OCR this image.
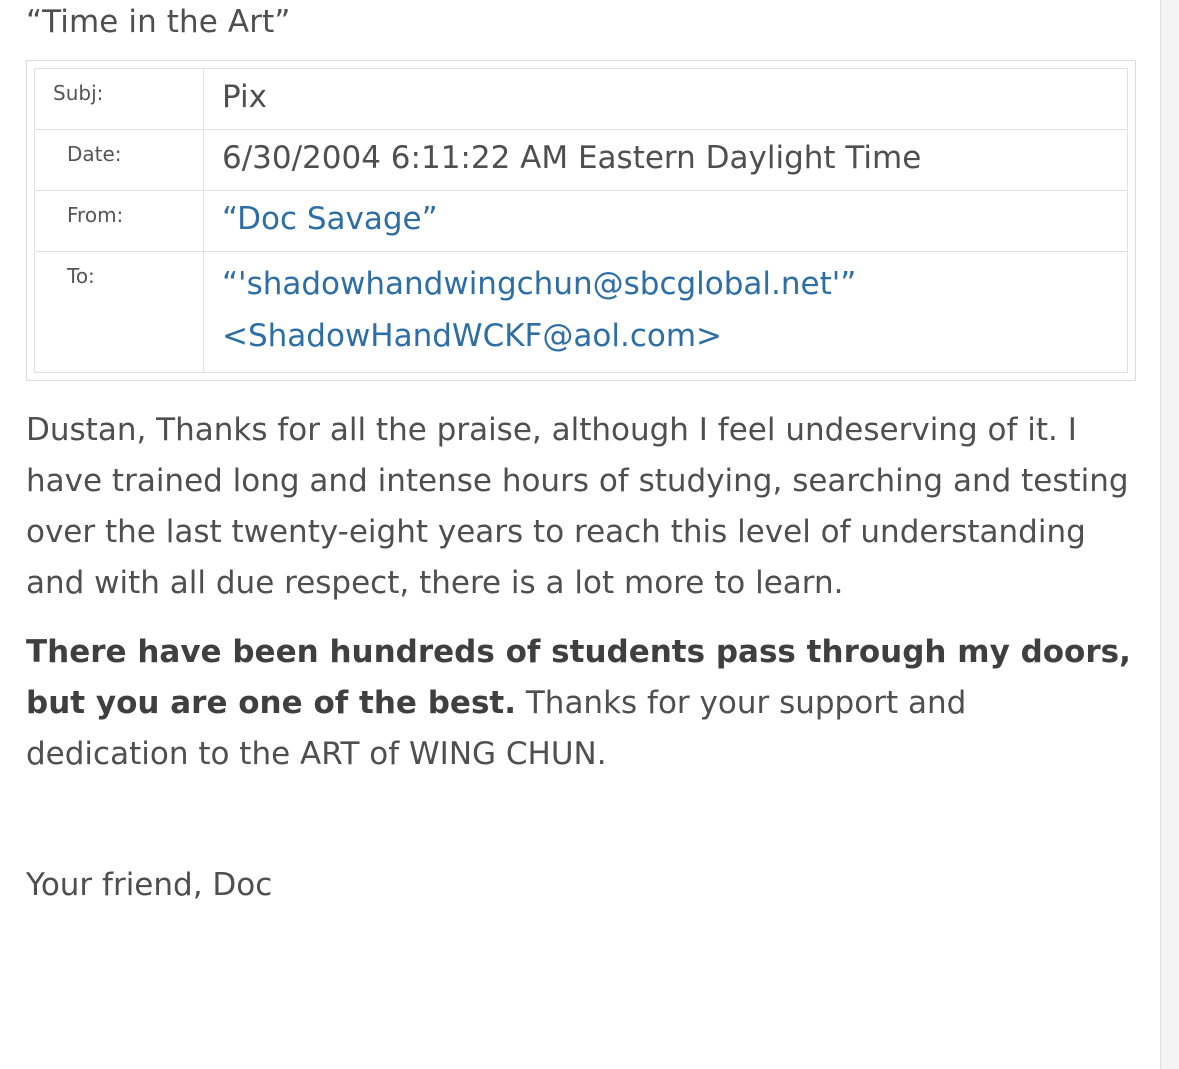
“Time in the Art”
Subj:	Pix

Date:	6/30/2004 6:11:22 AM Eastern Daylight Time

From:	“Doc Savage”

To:	“'shadowhandwingchun@sbcglobal.net'”
<ShadowHandWCKF@aol.com>

Dustan, Thanks for all the praise, although I feel undeserving of it. I have trained long and intense hours of studying, searching and testing over the last twenty-eight years to reach this level of understanding and with all due respect, there is a lot more to learn.

There have been hundreds of students pass through my doors, but you are one of the best. Thanks for your support and dedication to the ART of WING CHUN.

Your friend, Doc
